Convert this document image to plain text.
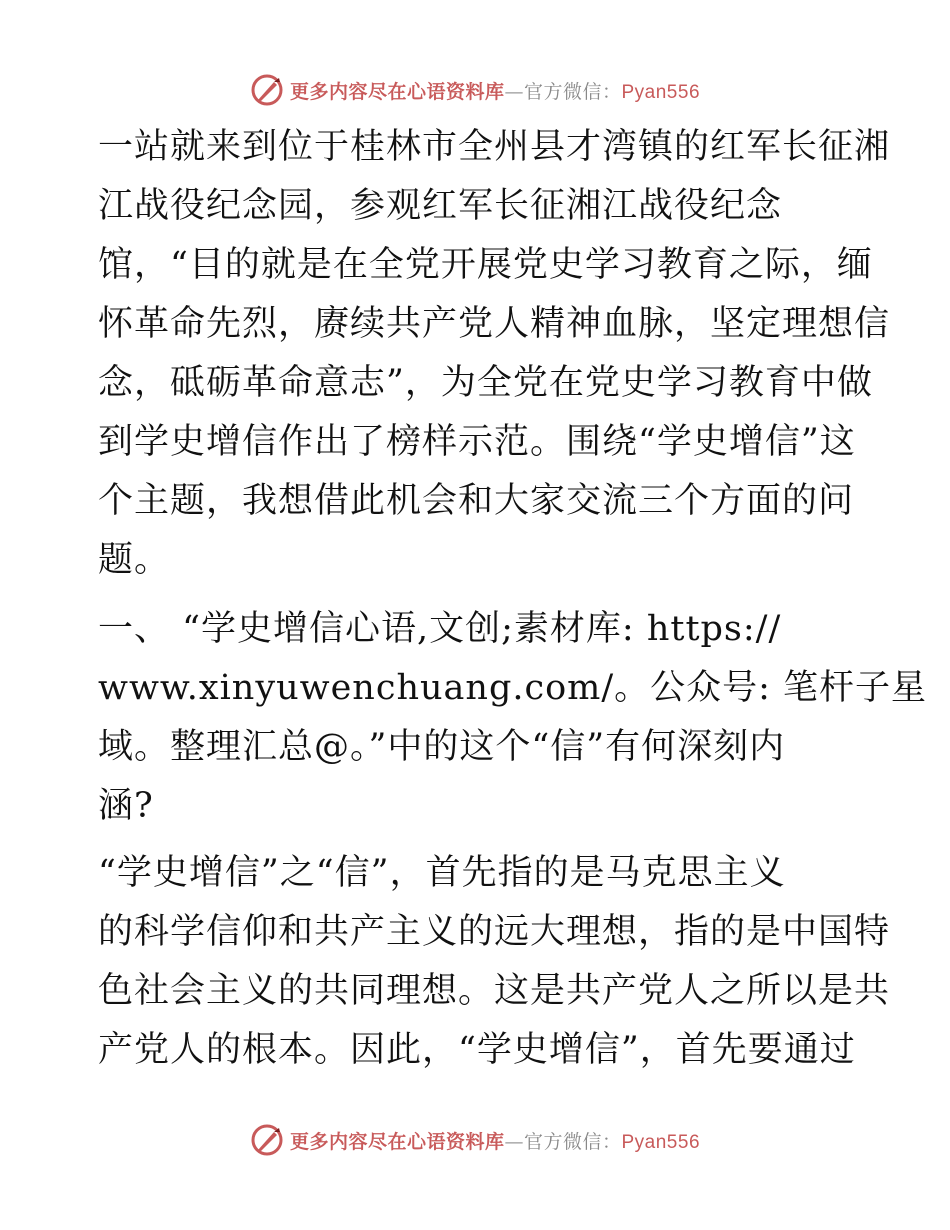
更多内容尽在心语资料库—官方微信：Pyan556
一站就来到位于桂林市全州县才湾镇的红军长征湘
江战役纪念园，参观红军长征湘江战役纪念
馆，“目的就是在全党开展党史学习教育之际，缅
怀革命先烈，赓续共产党人精神血脉，坚定理想信
念，砥砺革命意志”，为全党在党史学习教育中做
到学史增信作出了榜样示范。围绕“学史增信”这
个主题，我想借此机会和大家交流三个方面的问
题。
一、 “学史增信心语,文创;素材库: https://
www.xinyuwenchuang.com/。公众号: 笔杆子星
域。整理汇总@。”中的这个“信”有何深刻内
涵?
“学史增信”之“信”，首先指的是马克思主义
的科学信仰和共产主义的远大理想，指的是中国特
色社会主义的共同理想。这是共产党人之所以是共
产党人的根本。因此，“学史增信”，首先要通过
更多内容尽在心语资料库—官方微信：Pyan556
